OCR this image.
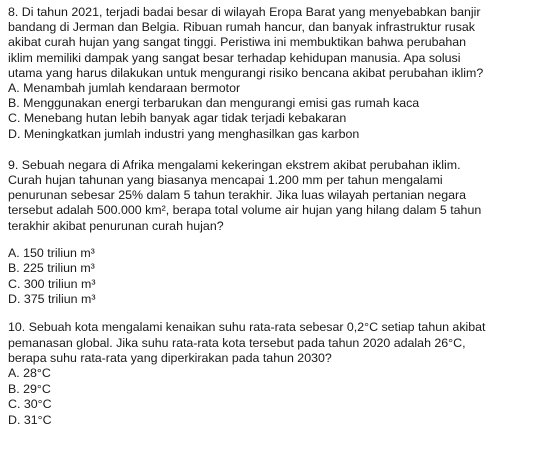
8. Di tahun 2021, terjadi badai besar di wilayah Eropa Barat yang menyebabkan banjir
bandang di Jerman dan Belgia. Ribuan rumah hancur, dan banyak infrastruktur rusak
akibat curah hujan yang sangat tinggi. Peristiwa ini membuktikan bahwa perubahan
iklim memiliki dampak yang sangat besar terhadap kehidupan manusia. Apa solusi
utama yang harus dilakukan untuk mengurangi risiko bencana akibat perubahan iklim?

A. Menambah jumlah kendaraan bermotor
B. Menggunakan energi terbarukan dan mengurangi emisi gas rumah kaca
C. Menebang hutan lebih banyak agar tidak terjadi kebakaran
D. Meningkatkan jumlah industri yang menghasilkan gas karbon

9. Sebuah negara di Afrika mengalami kekeringan ekstrem akibat perubahan iklim.
Curah hujan tahunan yang biasanya mencapai 1.200 mm per tahun mengalami
penurunan sebesar 25% dalam 5 tahun terakhir. Jika luas wilayah pertanian negara
tersebut adalah 500.000 km², berapa total volume air hujan yang hilang dalam 5 tahun
terakhir akibat penurunan curah hujan?

A. 150 triliun m³
B. 225 triliun m³
C. 300 triliun m³
D. 375 triliun m³

10. Sebuah kota mengalami kenaikan suhu rata-rata sebesar 0,2°C setiap tahun akibat
pemanasan global. Jika suhu rata-rata kota tersebut pada tahun 2020 adalah 26°C,
berapa suhu rata-rata yang diperkirakan pada tahun 2030?

A. 28°C
B. 29°C
C. 30°C
D. 31°C
